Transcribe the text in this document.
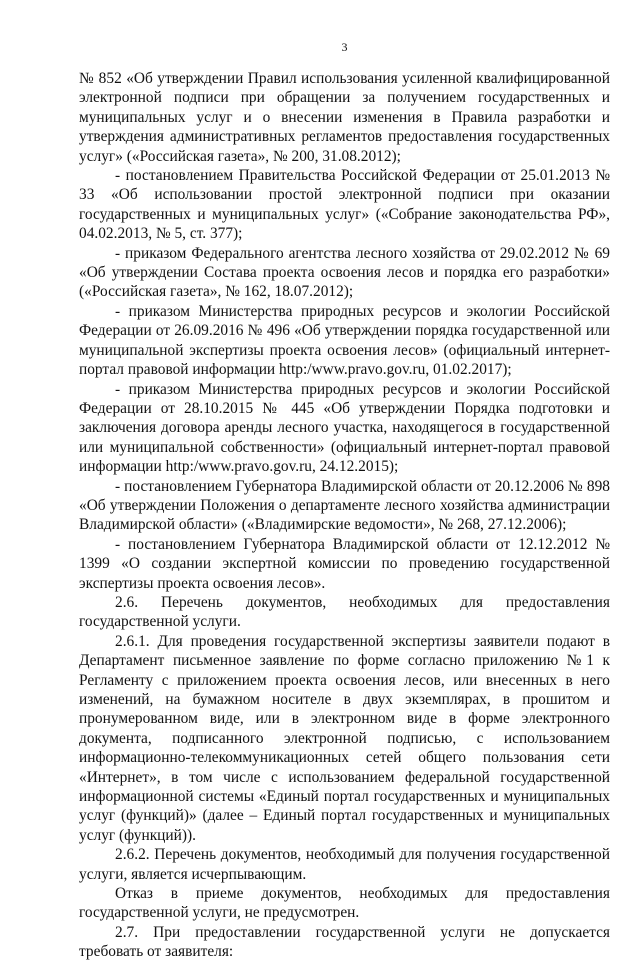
3

№ 852 «Об утверждении Правил использования усиленной квалифицированной электронной подписи при обращении за получением государственных и муниципальных услуг и о внесении изменения в Правила разработки и утверждения административных регламентов предоставления государственных услуг» («Российская газета», № 200, 31.08.2012);

- постановлением Правительства Российской Федерации от 25.01.2013 № 33 «Об использовании простой электронной подписи при оказании государственных и муниципальных услуг» («Собрание законодательства РФ», 04.02.2013, № 5, ст. 377);

- приказом Федерального агентства лесного хозяйства от 29.02.2012 № 69 «Об утверждении Состава проекта освоения лесов и порядка его разработки» («Российская газета», № 162, 18.07.2012);

- приказом Министерства природных ресурсов и экологии Российской Федерации от 26.09.2016 № 496 «Об утверждении порядка государственной или муниципальной экспертизы проекта освоения лесов» (официальный интернет-портал правовой информации http:/www.pravo.gov.ru, 01.02.2017);

- приказом Министерства природных ресурсов и экологии Российской Федерации от 28.10.2015 № 445 «Об утверждении Порядка подготовки и заключения договора аренды лесного участка, находящегося в государственной или муниципальной собственности» (официальный интернет-портал правовой информации http:/www.pravo.gov.ru, 24.12.2015);

- постановлением Губернатора Владимирской области от 20.12.2006 № 898 «Об утверждении Положения о департаменте лесного хозяйства администрации Владимирской области» («Владимирские ведомости», № 268, 27.12.2006);

- постановлением Губернатора Владимирской области от 12.12.2012 № 1399 «О создании экспертной комиссии по проведению государственной экспертизы проекта освоения лесов».

2.6. Перечень документов, необходимых для предоставления государственной услуги.

2.6.1. Для проведения государственной экспертизы заявители подают в Департамент письменное заявление по форме согласно приложению №1 к Регламенту с приложением проекта освоения лесов, или внесенных в него изменений, на бумажном носителе в двух экземплярах, в прошитом и пронумерованном виде, или в электронном виде в форме электронного документа, подписанного электронной подписью, с использованием информационно-телекоммуникационных сетей общего пользования сети «Интернет», в том числе с использованием федеральной государственной информационной системы «Единый портал государственных и муниципальных услуг (функций)» (далее – Единый портал государственных и муниципальных услуг (функций)).

2.6.2. Перечень документов, необходимый для получения государственной услуги, является исчерпывающим.

Отказ в приеме документов, необходимых для предоставления государственной услуги, не предусмотрен.

2.7. При предоставлении государственной услуги не допускается требовать от заявителя:
